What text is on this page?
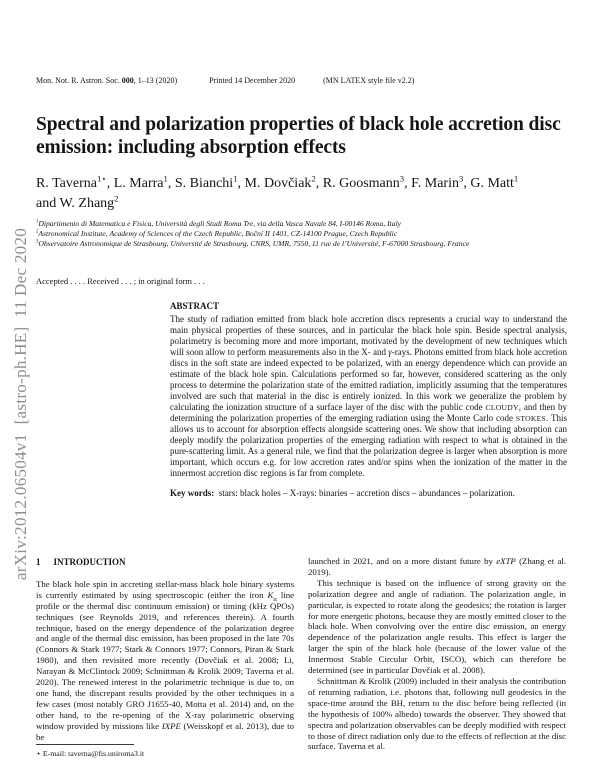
arXiv:2012.06504v1  [astro-ph.HE]  11 Dec 2020
Mon. Not. R. Astron. Soc. 000, 1–13 (2020)	Printed 14 December 2020	(MN LATEX style file v2.2)
Spectral and polarization properties of black hole accretion disc emission: including absorption effects
R. Taverna$^{1⋆}$, L. Marra$^1$, S. Bianchi$^1$, M. Dovčiak$^2$, R. Goosmann$^3$, F. Marin$^3$, G. Matt$^1$
and W. Zhang$^2$
$^1$Dipartimento di Matematica e Fisica, Università degli Studi Roma Tre, via della Vasca Navale 84, I-00146 Roma, Italy
$^2$Astronomical Institute, Academy of Sciences of the Czech Republic, Boční II 1401, CZ-14100 Prague, Czech Republic
$^3$Observatoire Astronomique de Strasbourg, Université de Strasbourg, CNRS, UMR, 7550, 11 rue de l’Université, F-67000 Strasbourg, France
Accepted . . . . Received . . . ; in original form . . .
ABSTRACT
The study of radiation emitted from black hole accretion discs represents a crucial way to understand the main physical properties of these sources, and in particular the black hole spin. Beside spectral analysis, polarimetry is becoming more and more important, motivated by the development of new techniques which will soon allow to perform measurements also in the X- and γ-rays. Photons emitted from black hole accretion discs in the soft state are indeed expected to be polarized, with an energy dependence which can provide an estimate of the black hole spin. Calculations performed so far, however, considered scattering as the only process to determine the polarization state of the emitted radiation, implicitly assuming that the temperatures involved are such that material in the disc is entirely ionized. In this work we generalize the problem by calculating the ionization structure of a surface layer of the disc with the public code CLOUDY, and then by determining the polarization properties of the emerging radiation using the Monte Carlo code STOKES. This allows us to account for absorption effects alongside scattering ones. We show that including absorption can deeply modify the polarization properties of the emerging radiation with respect to what is obtained in the pure-scattering limit. As a general rule, we find that the polarization degree is larger when absorption is more important, which occurs e.g. for low accretion rates and/or spins when the ionization of the matter in the innermost accretion disc regions is far from complete.
Key words:  stars: black holes – X-rays: binaries – accretion discs – abundances – polarization.
1 INTRODUCTION

The black hole spin in accreting stellar-mass black hole binary systems is currently estimated by using spectroscopic (either the iron $K_\alpha$ line profile or the thermal disc continuum emission) or timing (kHz QPOs) techniques (see Reynolds 2019, and references therein). A fourth technique, based on the energy dependence of the polarization degree and angle of the thermal disc emission, has been proposed in the late 70s (Connors & Stark 1977; Stark & Connors 1977; Connors, Piran & Stark 1980), and then revisited more recently (Dovčiak et al. 2008; Li, Narayan & McClintock 2009; Schnittman & Krolik 2009; Taverna et al. 2020). The renewed interest in the polarimetric technique is due to, on one hand, the discrepant results provided by the other techniques in a few cases (most notably GRO J1655-40, Motta et al. 2014) and, on the other hand, to the re-opening of the X-ray polarimetric observing window provided by missions like IXPE (Weisskopf et al. 2013), due to be

launched in 2021, and on a more distant future by eXTP (Zhang et al. 2019).

This technique is based on the influence of strong gravity on the polarization degree and angle of radiation. The polarization angle, in particular, is expected to rotate along the geodesics; the rotation is larger for more energetic photons, because they are mostly emitted closer to the black hole. When convolving over the entire disc emission, an energy dependence of the polarization angle results. This effect is larger the larger the spin of the black hole (because of the lower value of the Innermost Stable Circular Orbit, ISCO), which can therefore be determined (see in particular Dovčiak et al. 2008).

Schnittman & Krolik (2009) included in their analysis the contribution of returning radiation, i.e. photons that, following null geodesics in the space-time around the BH, return to the disc before being reflected (in the hypothesis of 100% albedo) towards the observer. They showed that spectra and polarization observables can be deeply modified with respect to those of direct radiation only due to the effects of reflection at the disc surface. Taverna et al.

⋆ E-mail: taverna@fis.uniroma3.it
